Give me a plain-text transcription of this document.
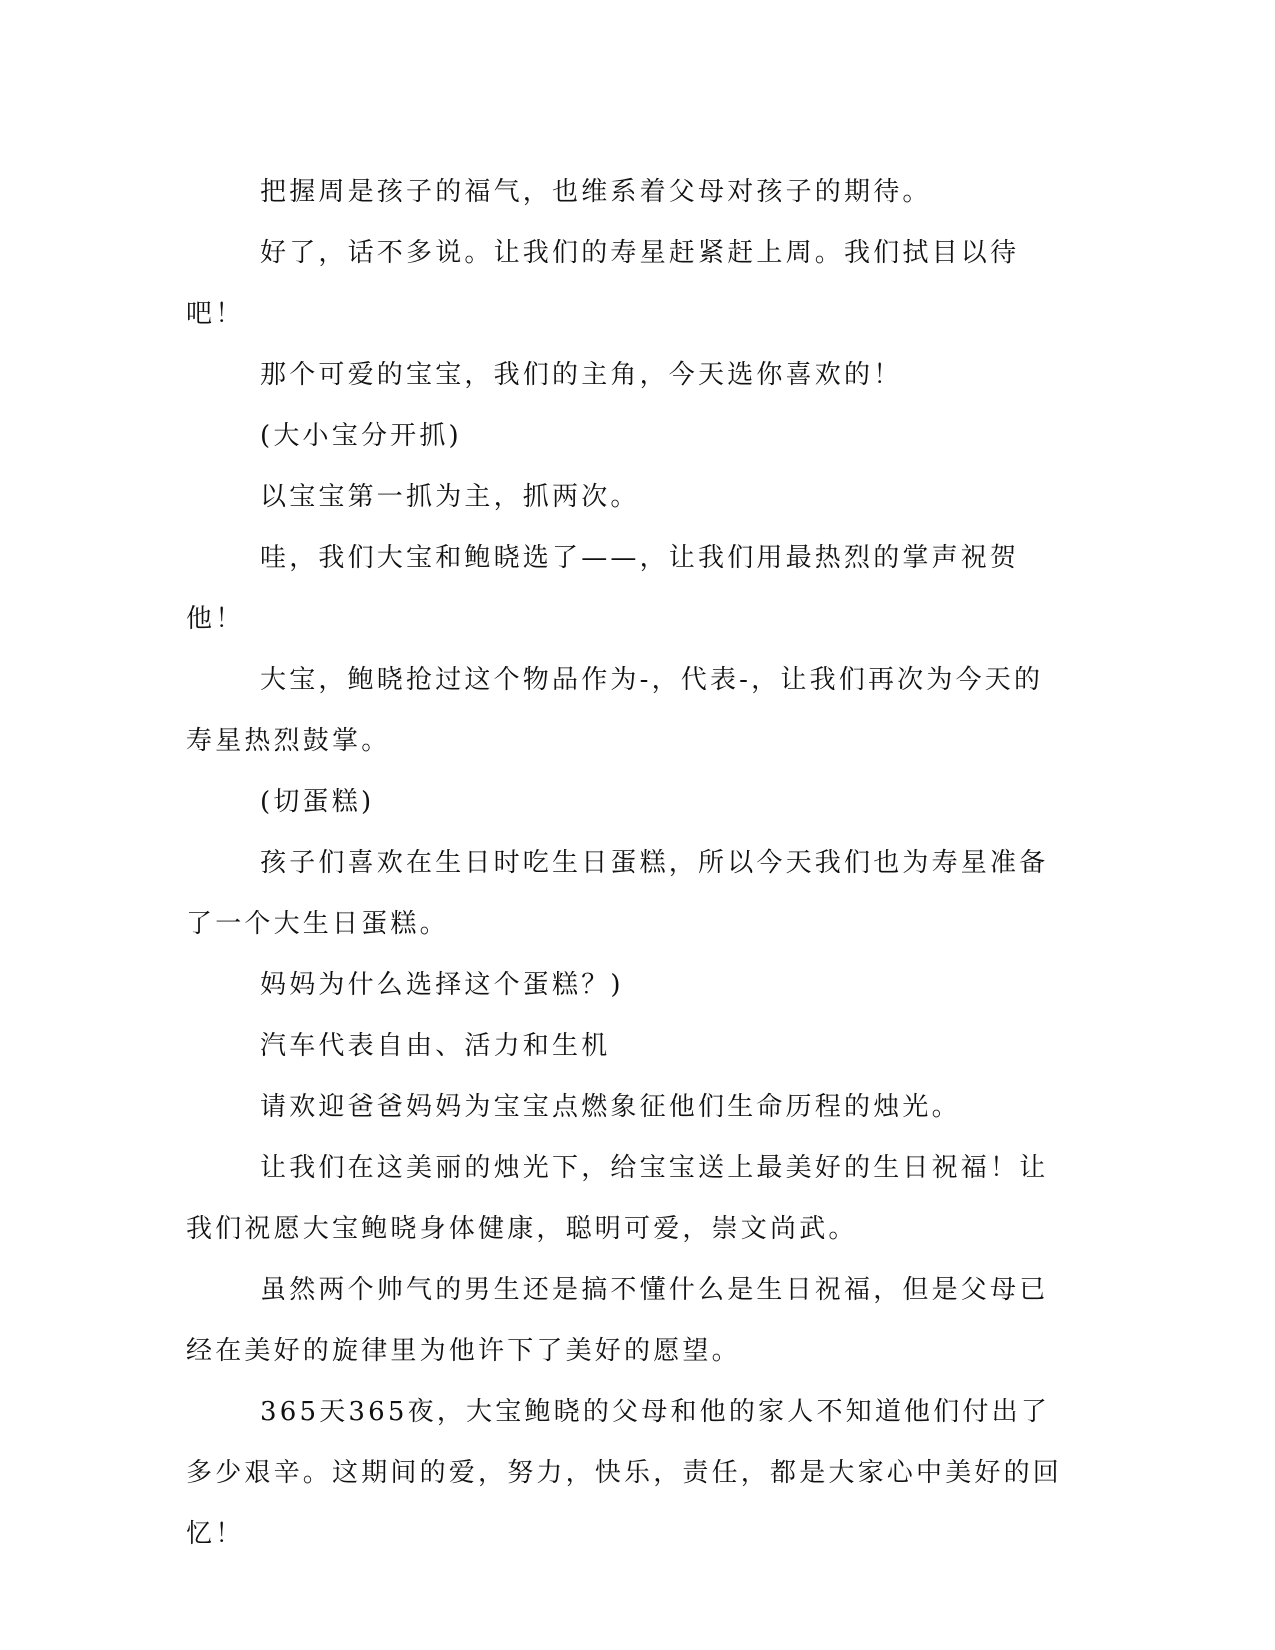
把握周是孩子的福气，也维系着父母对孩子的期待。

好了，话不多说。让我们的寿星赶紧赶上周。我们拭目以待吧！

那个可爱的宝宝，我们的主角，今天选你喜欢的！

(大小宝分开抓)

以宝宝第一抓为主，抓两次。

哇，我们大宝和鲍晓选了——，让我们用最热烈的掌声祝贺他！

大宝，鲍晓抢过这个物品作为-，代表-，让我们再次为今天的寿星热烈鼓掌。

(切蛋糕)

孩子们喜欢在生日时吃生日蛋糕，所以今天我们也为寿星准备了一个大生日蛋糕。

妈妈为什么选择这个蛋糕？)

汽车代表自由、活力和生机

请欢迎爸爸妈妈为宝宝点燃象征他们生命历程的烛光。

让我们在这美丽的烛光下，给宝宝送上最美好的生日祝福！让我们祝愿大宝鲍晓身体健康，聪明可爱，崇文尚武。

虽然两个帅气的男生还是搞不懂什么是生日祝福，但是父母已经在美好的旋律里为他许下了美好的愿望。

365天365夜，大宝鲍晓的父母和他的家人不知道他们付出了多少艰辛。这期间的爱，努力，快乐，责任，都是大家心中美好的回忆！
